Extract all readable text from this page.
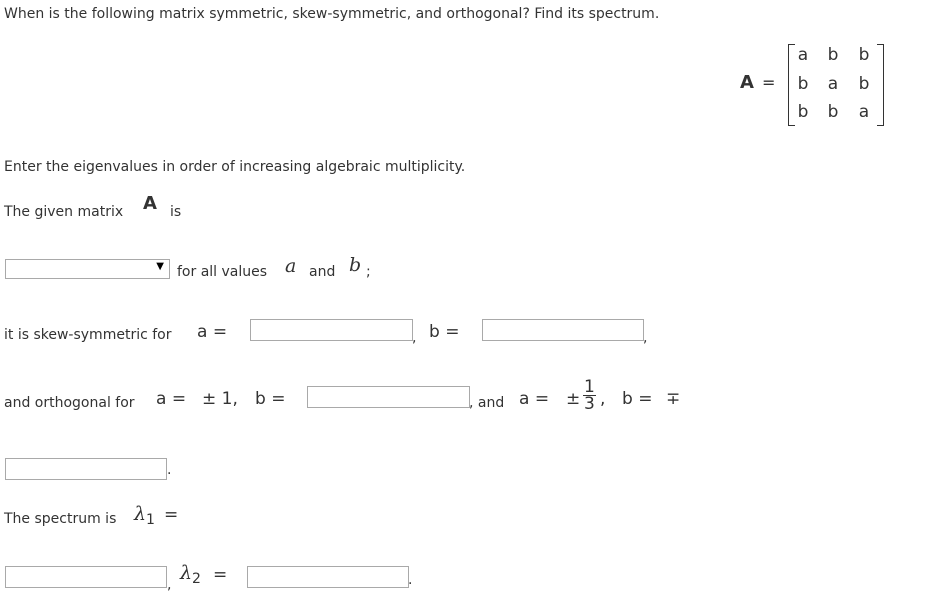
When is the following matrix symmetric, skew-symmetric, and orthogonal? Find its spectrum.
A =
a b b
b a b
b b a
Enter the eigenvalues in order of increasing algebraic multiplicity.
The given matrix A is
▼ for all values a and b ;
it is skew-symmetric for a =	, b =	,
and orthogonal for a = ± 1, b =	, and a = ± $\frac{1}{3}$ , b = ∓
.
The spectrum is $\lambda_1$ =
,
$\lambda_2$ =	.
